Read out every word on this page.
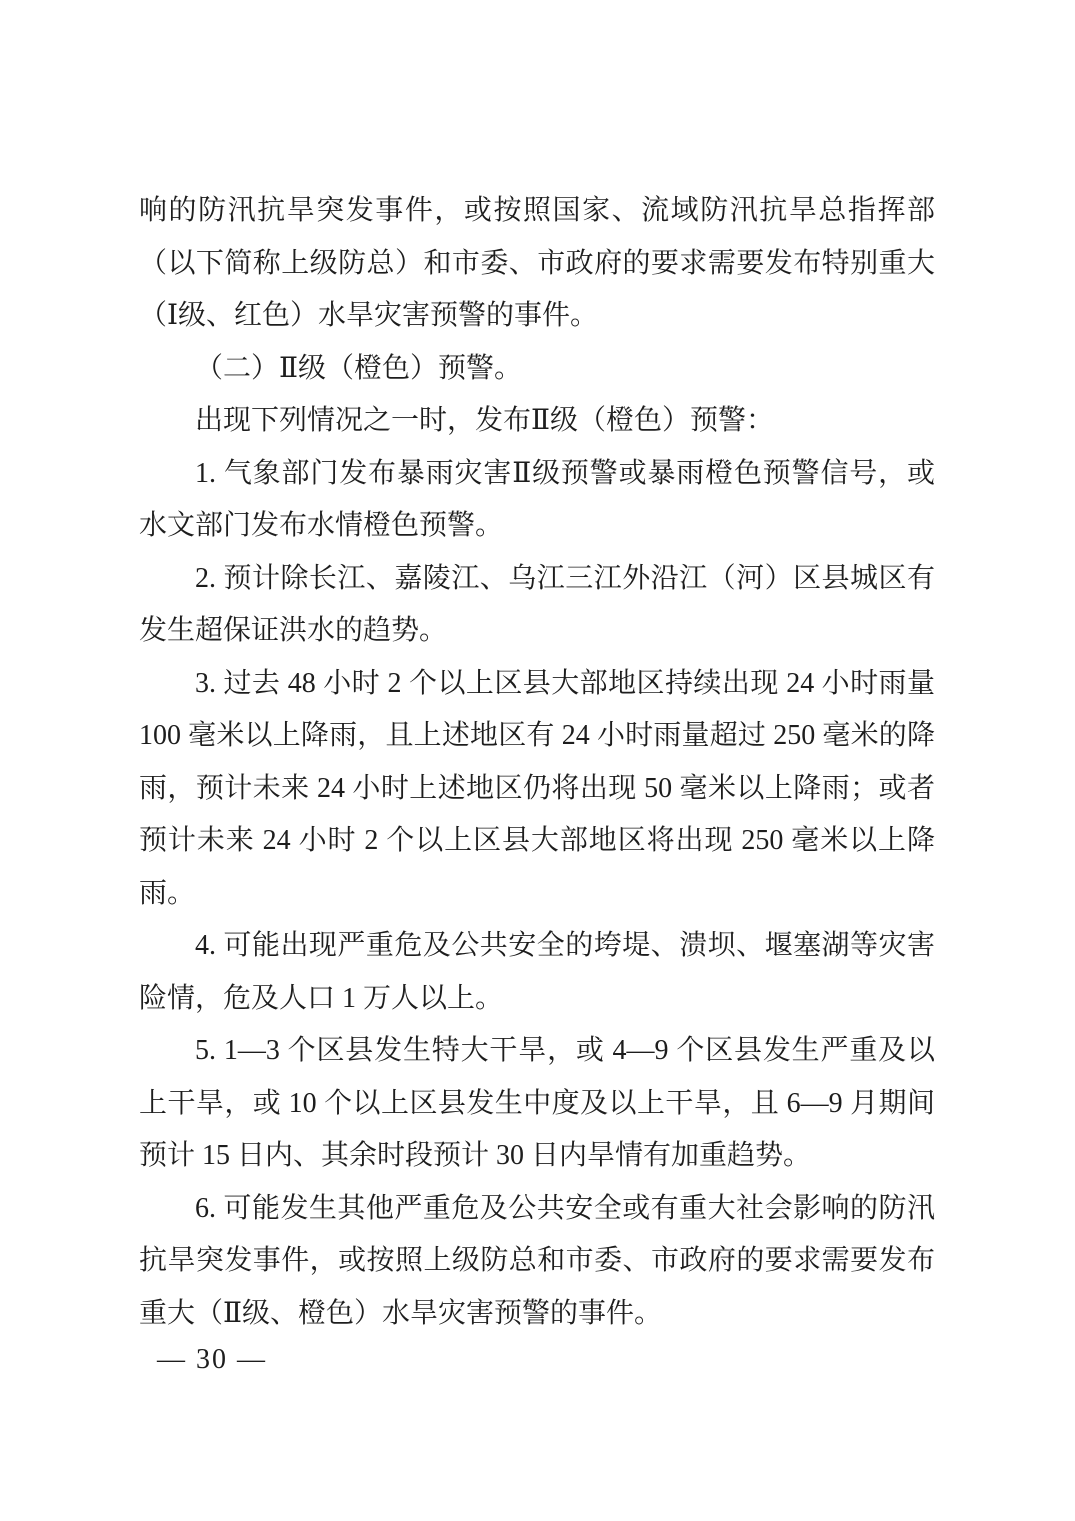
响的防汛抗旱突发事件，或按照国家、流域防汛抗旱总指挥部（以下简称上级防总）和市委、市政府的要求需要发布特别重大（Ⅰ级、红色）水旱灾害预警的事件。

（二）Ⅱ级（橙色）预警。

出现下列情况之一时，发布Ⅱ级（橙色）预警：

1. 气象部门发布暴雨灾害Ⅱ级预警或暴雨橙色预警信号，或水文部门发布水情橙色预警。

2. 预计除长江、嘉陵江、乌江三江外沿江（河）区县城区有发生超保证洪水的趋势。

3. 过去 48 小时 2 个以上区县大部地区持续出现 24 小时雨量 100 毫米以上降雨，且上述地区有 24 小时雨量超过 250 毫米的降雨，预计未来 24 小时上述地区仍将出现 50 毫米以上降雨；或者预计未来 24 小时 2 个以上区县大部地区将出现 250 毫米以上降雨。

4. 可能出现严重危及公共安全的垮堤、溃坝、堰塞湖等灾害险情，危及人口 1 万人以上。

5. 1—3 个区县发生特大干旱，或 4—9 个区县发生严重及以上干旱，或 10 个以上区县发生中度及以上干旱，且 6—9 月期间预计 15 日内、其余时段预计 30 日内旱情有加重趋势。

6. 可能发生其他严重危及公共安全或有重大社会影响的防汛抗旱突发事件，或按照上级防总和市委、市政府的要求需要发布重大（Ⅱ级、橙色）水旱灾害预警的事件。

— 30 —
